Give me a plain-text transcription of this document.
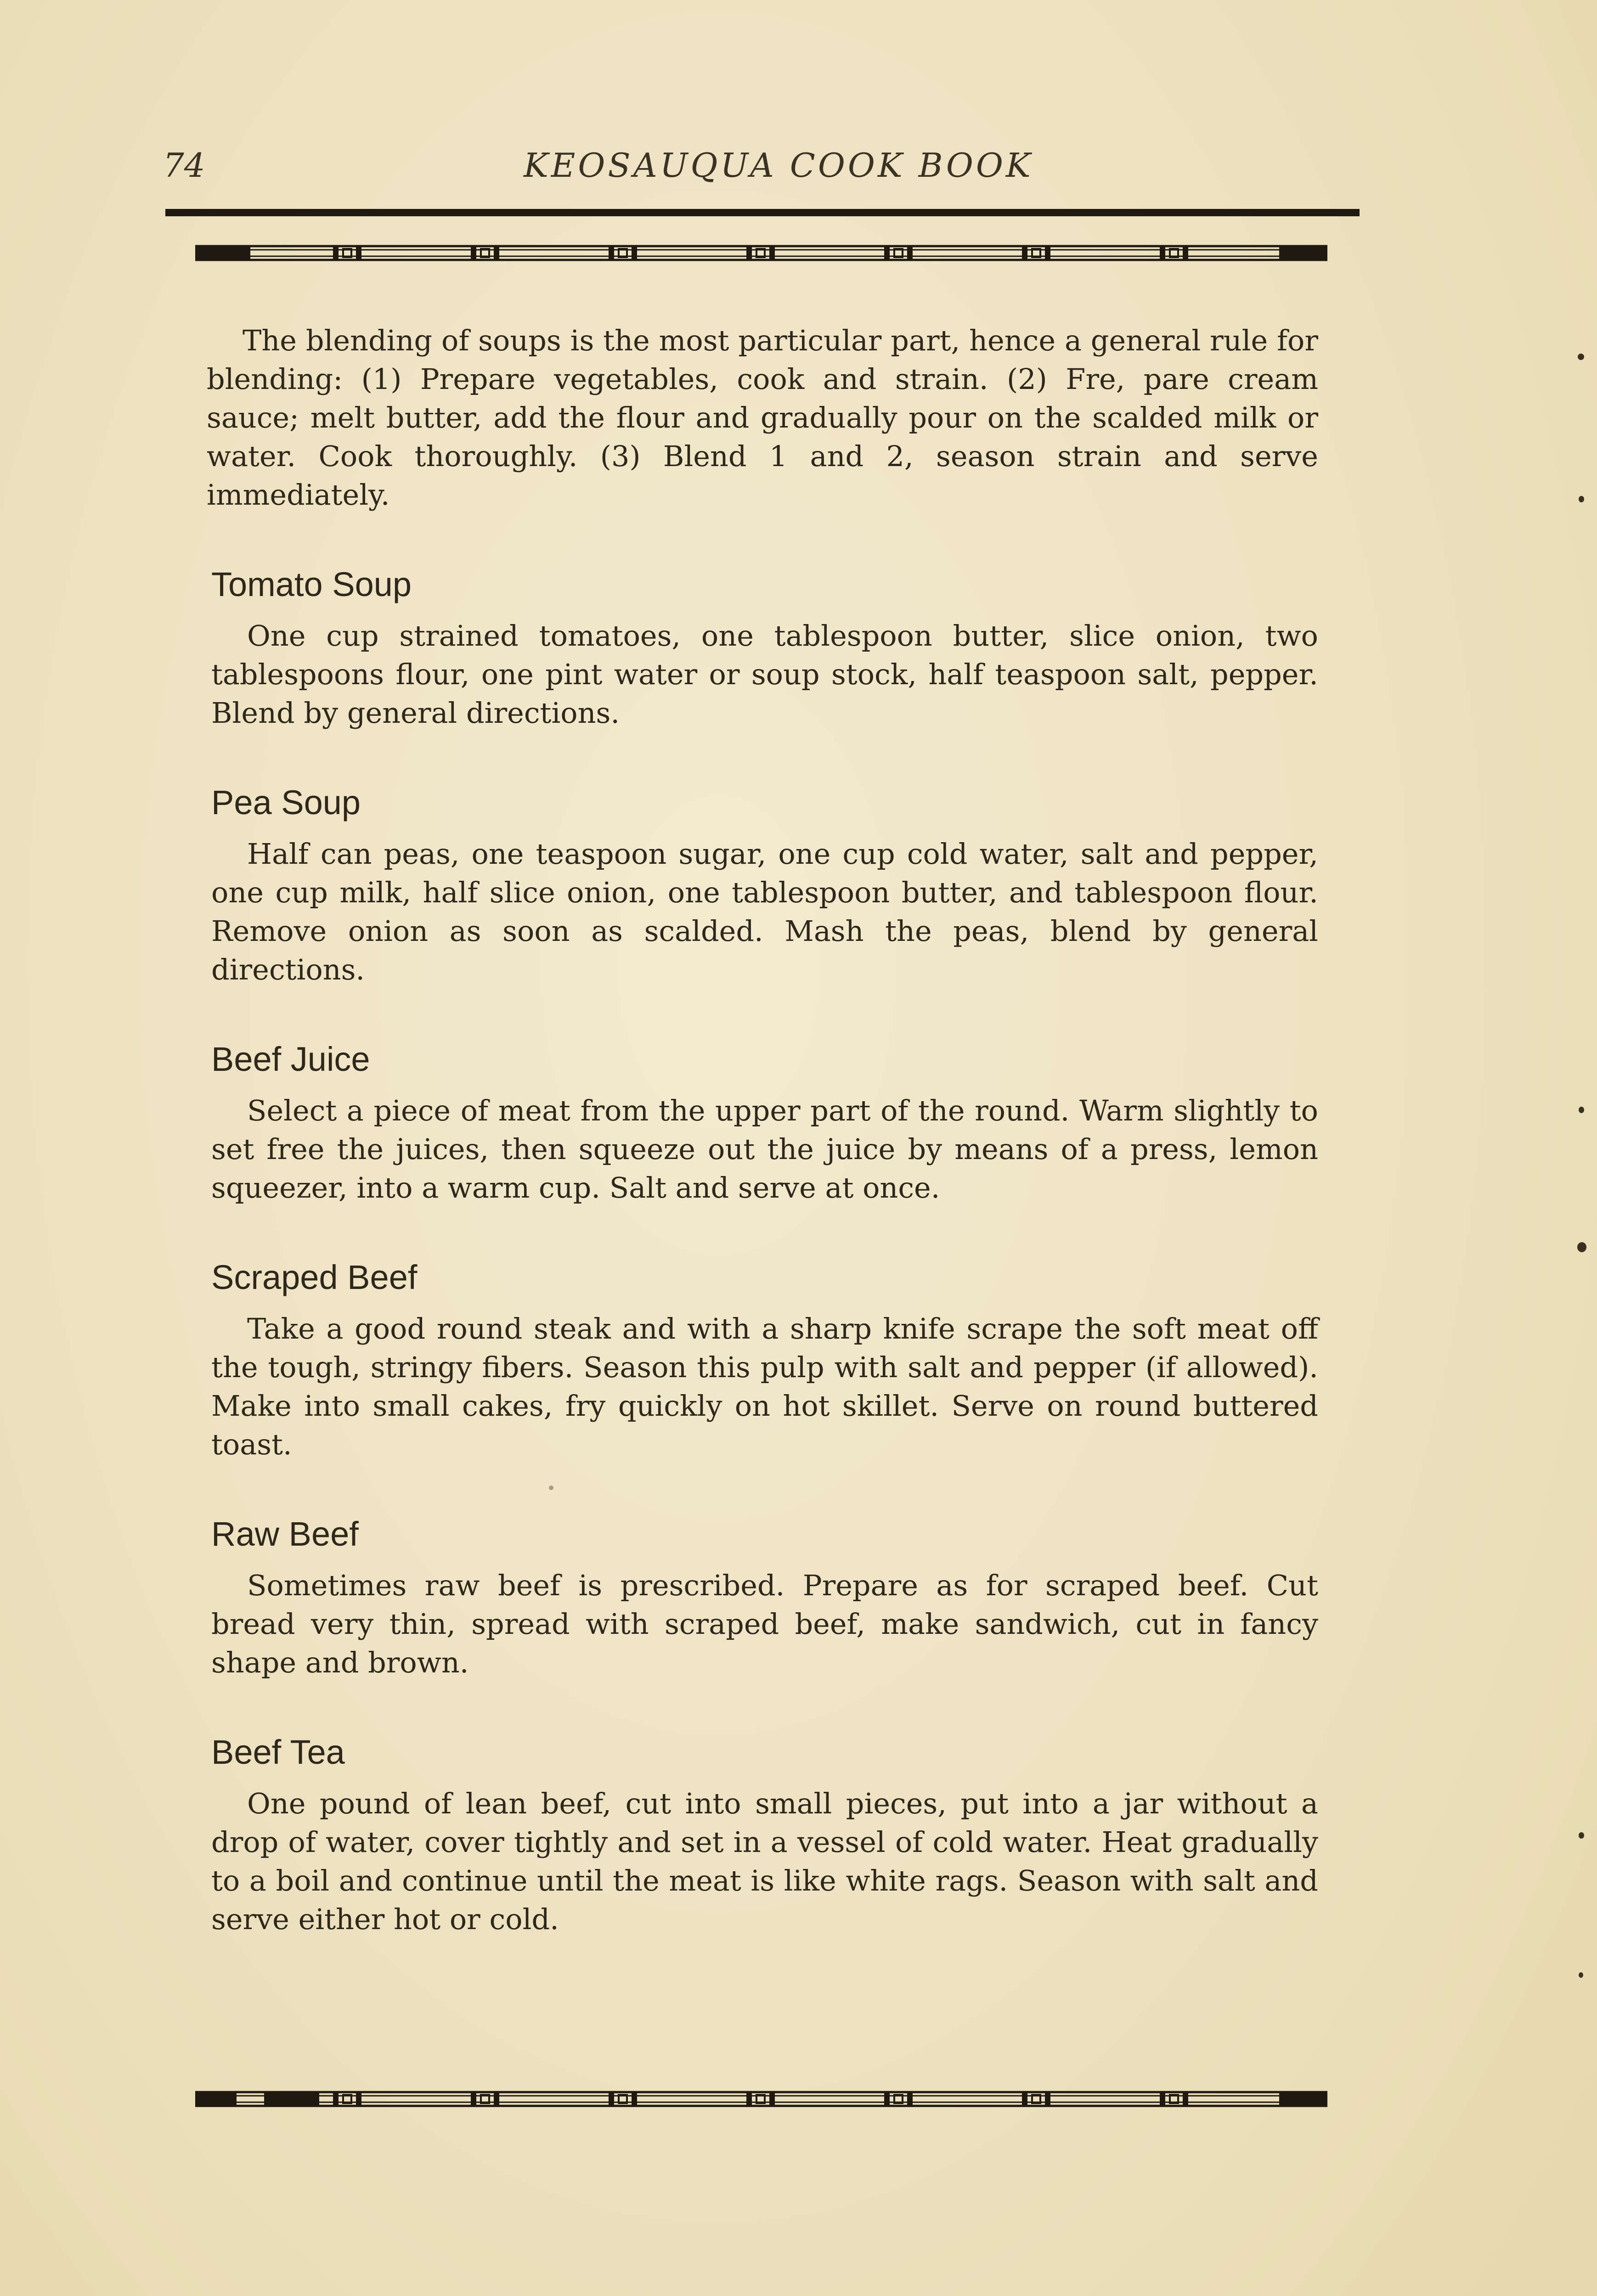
74	KEOSAUQUA COOK BOOK

The blending of soups is the most particular part, hence a general rule for blending: (1) Prepare vegetables, cook and strain. (2) Fre, pare cream sauce; melt butter, add the flour and gradually pour on the scalded milk or water. Cook thoroughly. (3) Blend 1 and 2, season strain and serve immediately.

Tomato Soup

One cup strained tomatoes, one tablespoon butter, slice onion, two tablespoons flour, one pint water or soup stock, half teaspoon salt, pepper. Blend by general directions.

Pea Soup

Half can peas, one teaspoon sugar, one cup cold water, salt and pepper, one cup milk, half slice onion, one tablespoon butter, and tablespoon flour. Remove onion as soon as scalded. Mash the peas, blend by general directions.

Beef Juice

Select a piece of meat from the upper part of the round. Warm slightly to set free the juices, then squeeze out the juice by means of a press, lemon squeezer, into a warm cup. Salt and serve at once.

Scraped Beef

Take a good round steak and with a sharp knife scrape the soft meat off the tough, stringy fibers. Season this pulp with salt and pepper (if allowed). Make into small cakes, fry quickly on hot skillet. Serve on round buttered toast.

Raw Beef

Sometimes raw beef is prescribed. Prepare as for scraped beef. Cut bread very thin, spread with scraped beef, make sandwich, cut in fancy shape and brown.

Beef Tea

One pound of lean beef, cut into small pieces, put into a jar without a drop of water, cover tightly and set in a vessel of cold water. Heat gradually to a boil and continue until the meat is like white rags. Season with salt and serve either hot or cold.
